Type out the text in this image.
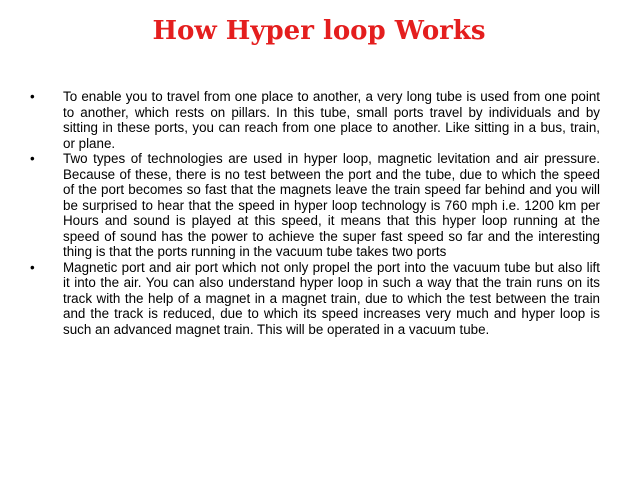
How Hyper loop Works
• To enable you to travel from one place to another, a very long tube is used from one point to another, which rests on pillars. In this tube, small ports travel by individuals and by sitting in these ports, you can reach from one place to another. Like sitting in a bus, train, or plane.
• Two types of technologies are used in hyper loop, magnetic levitation and air pressure. Because of these, there is no test between the port and the tube, due to which the speed of the port becomes so fast that the magnets leave the train speed far behind and you will be surprised to hear that the speed in hyper loop technology is 760 mph i.e. 1200 km per Hours and sound is played at this speed, it means that this hyper loop running at the speed of sound has the power to achieve the super fast speed so far and the interesting thing is that the ports running in the vacuum tube takes two ports
• Magnetic port and air port which not only propel the port into the vacuum tube but also lift it into the air. You can also understand hyper loop in such a way that the train runs on its track with the help of a magnet in a magnet train, due to which the test between the train and the track is reduced, due to which its speed increases very much and hyper loop is such an advanced magnet train. This will be operated in a vacuum tube.
